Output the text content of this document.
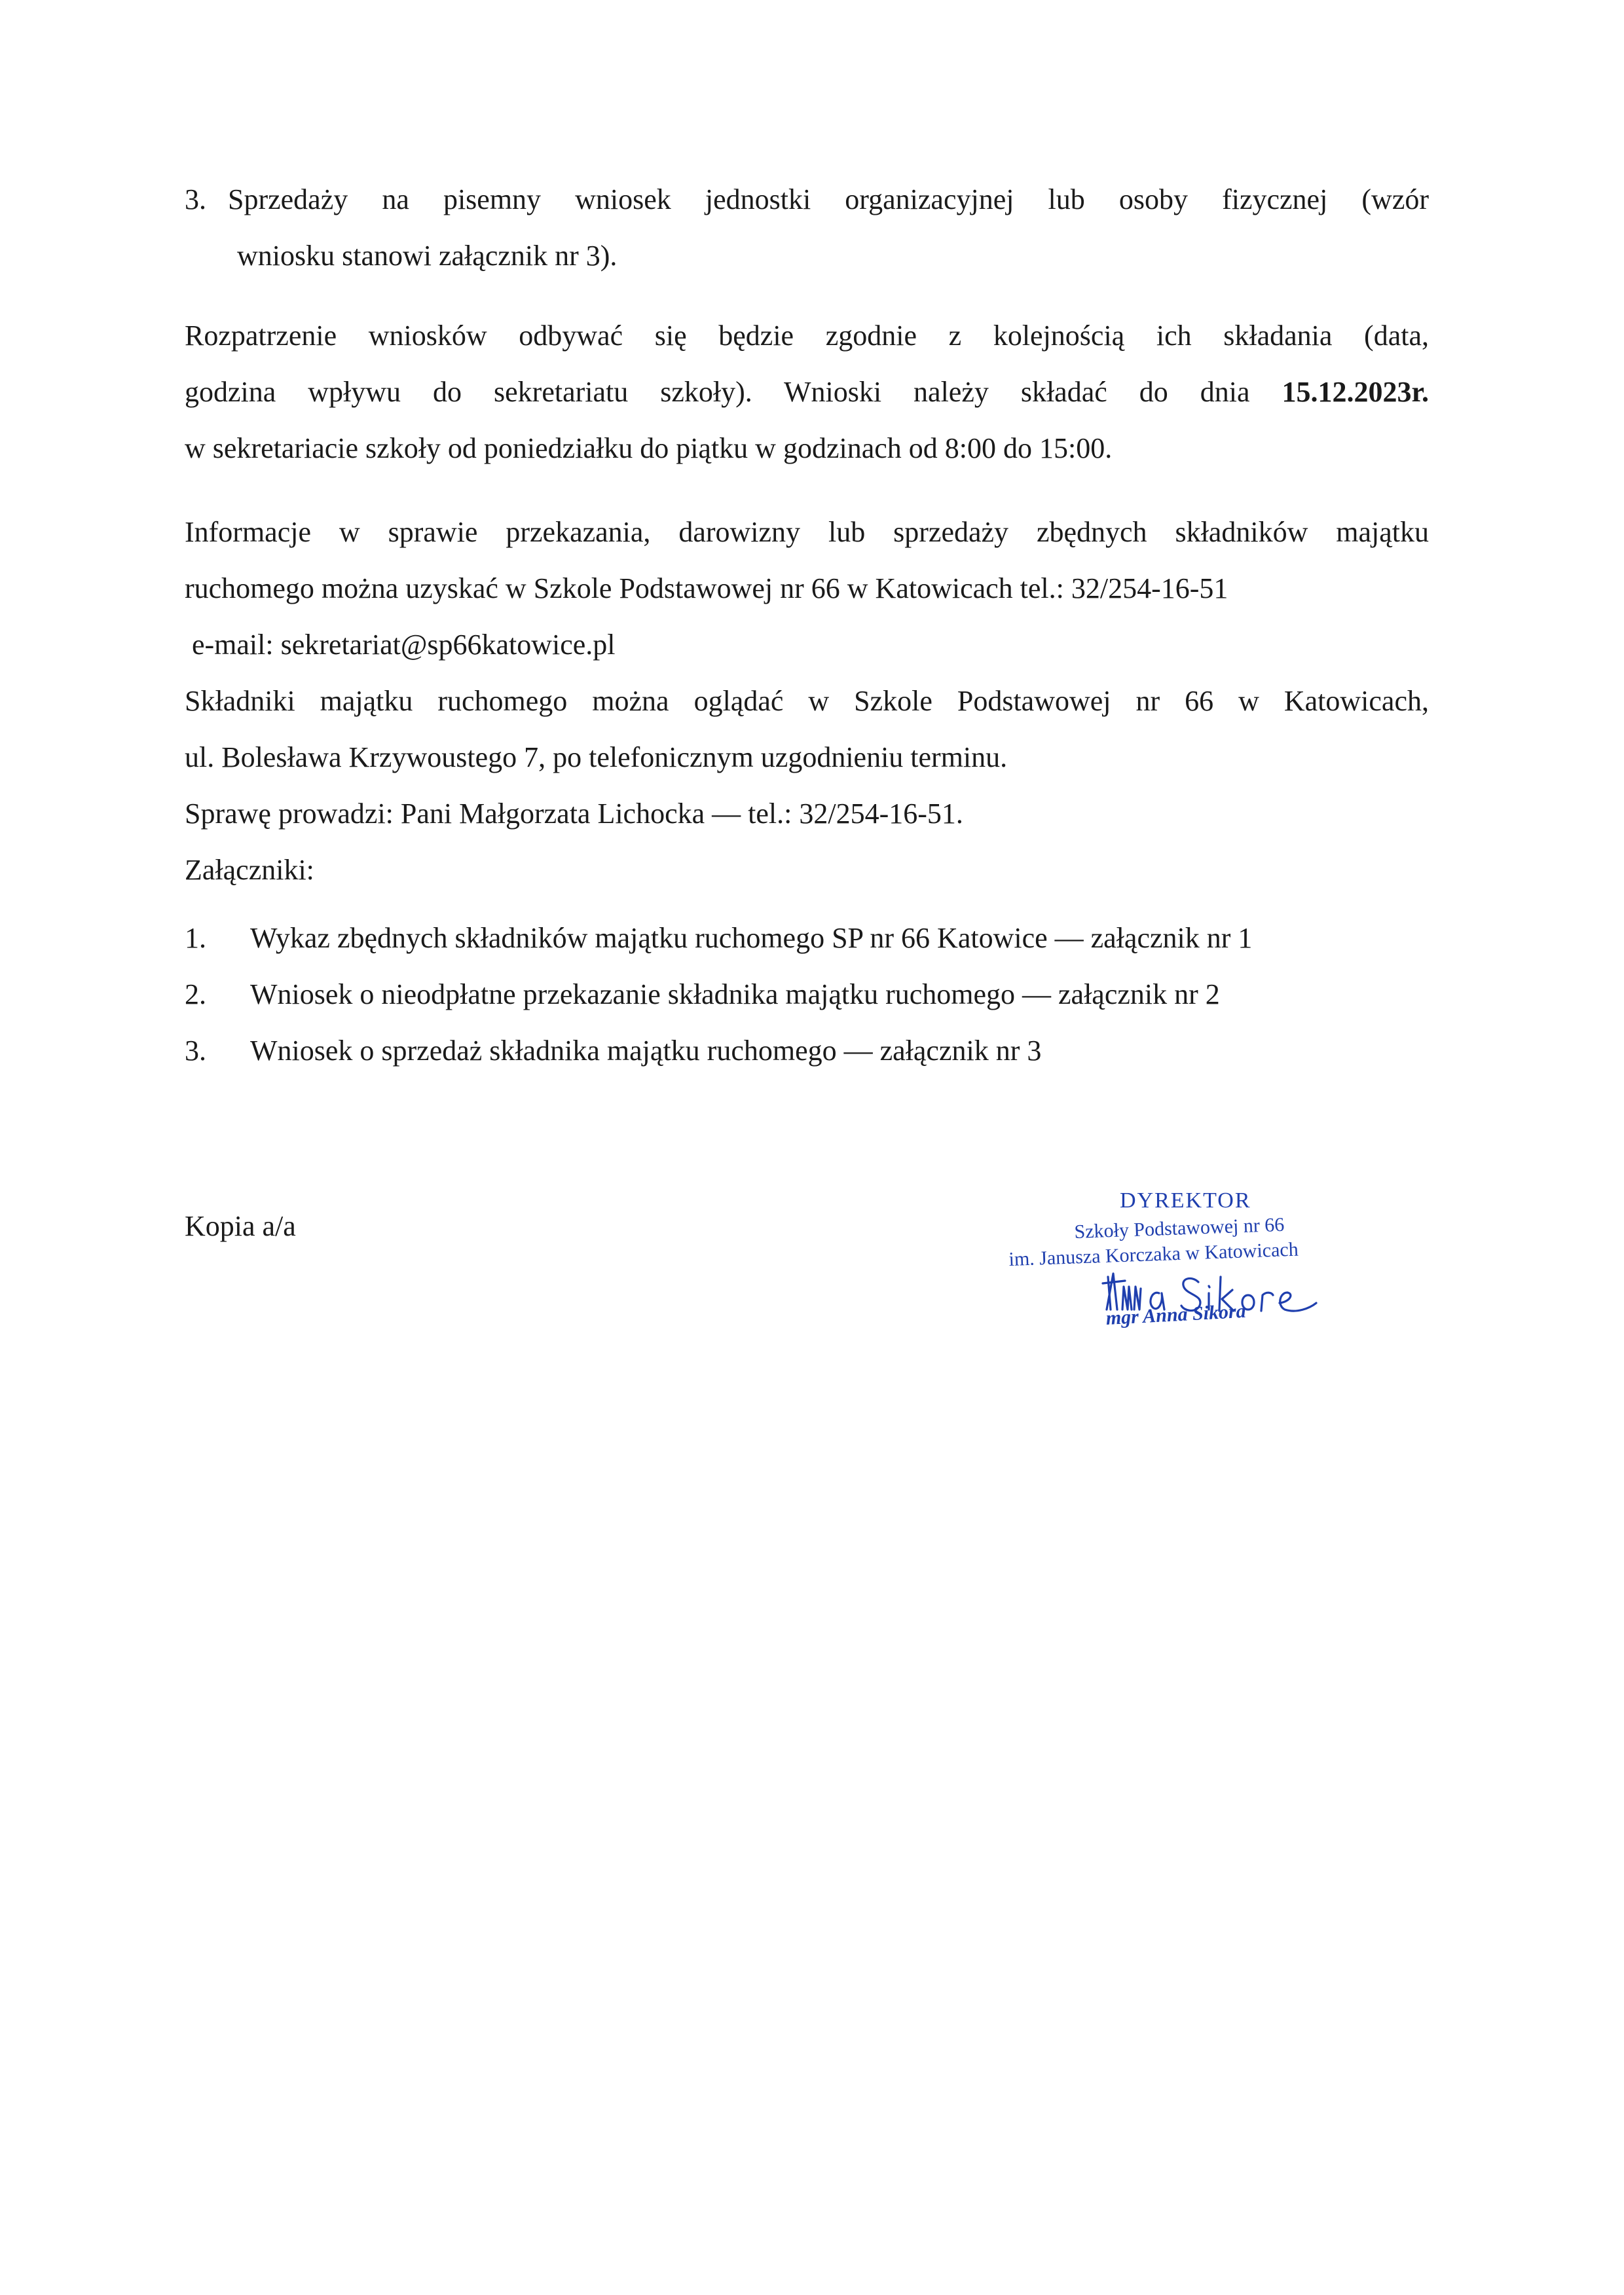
3. Sprzedaży na pisemny wniosek jednostki organizacyjnej lub osoby fizycznej (wzór
wniosku stanowi załącznik nr 3).
Rozpatrzenie wniosków odbywać się będzie zgodnie z kolejnością ich składania (data,
godzina wpływu do sekretariatu szkoły). Wnioski należy składać do dnia 15.12.2023r.
w sekretariacie szkoły od poniedziałku do piątku w godzinach od 8:00 do 15:00.
Informacje w sprawie przekazania, darowizny lub sprzedaży zbędnych składników majątku
ruchomego można uzyskać w Szkole Podstawowej nr 66 w Katowicach tel.: 32/254-16-51
e-mail: sekretariat@sp66katowice.pl
Składniki majątku ruchomego można oglądać w Szkole Podstawowej nr 66 w Katowicach,
ul. Bolesława Krzywoustego 7, po telefonicznym uzgodnieniu terminu.
Sprawę prowadzi: Pani Małgorzata Lichocka — tel.: 32/254-16-51.
Załączniki:
1. Wykaz zbędnych składników majątku ruchomego SP nr 66 Katowice — załącznik nr 1
2. Wniosek o nieodpłatne przekazanie składnika majątku ruchomego — załącznik nr 2
3. Wniosek o sprzedaż składnika majątku ruchomego — załącznik nr 3
Kopia a/a
DYREKTOR
Szkoły Podstawowej nr 66
im. Janusza Korczaka w Katowicach
mgr Anna Sikora
